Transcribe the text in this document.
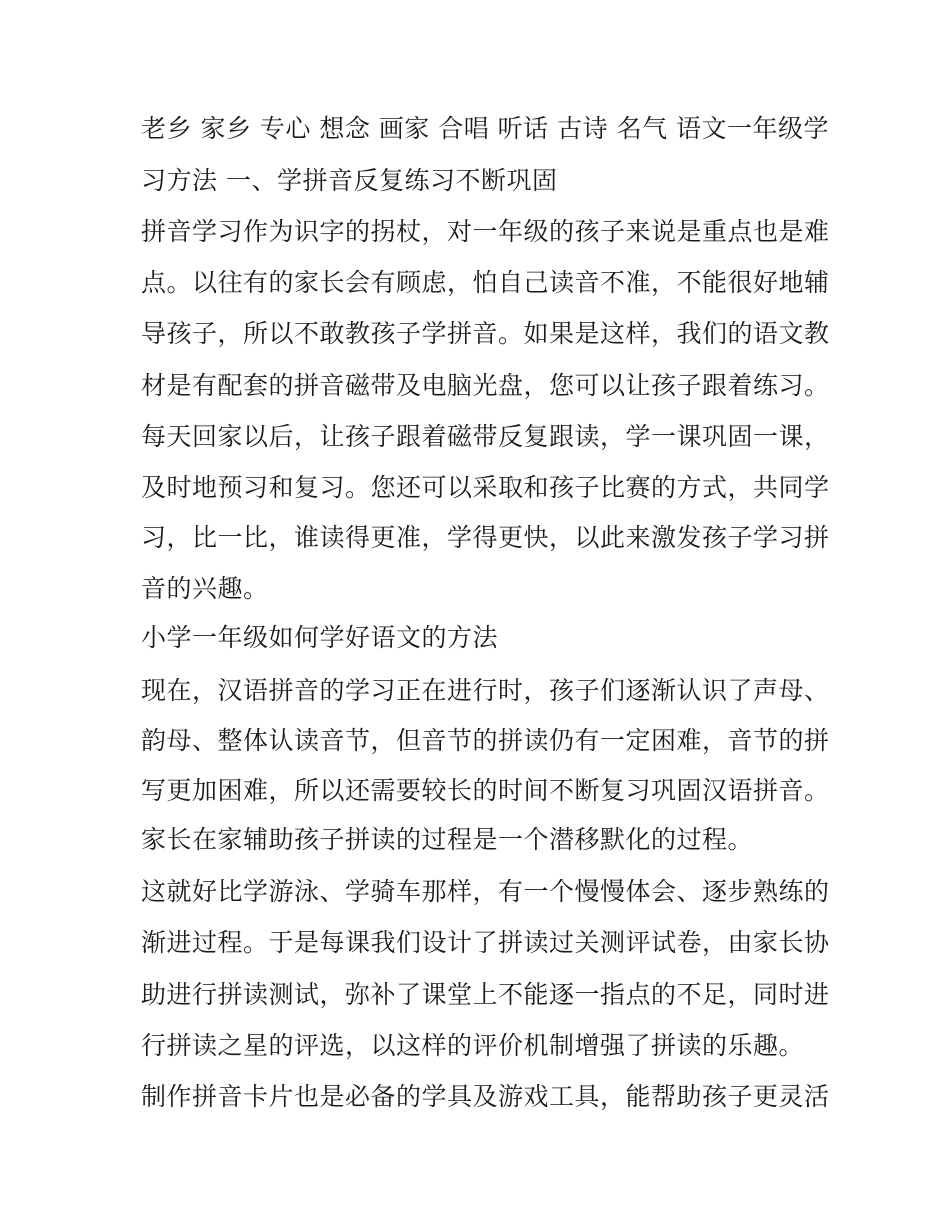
老乡 家乡 专心 想念 画家 合唱 听话 古诗 名气 语文一年级学
习方法 一、学拼音反复练习不断巩固
拼音学习作为识字的拐杖，对一年级的孩子来说是重点也是难
点。以往有的家长会有顾虑，怕自己读音不准，不能很好地辅
导孩子，所以不敢教孩子学拼音。如果是这样，我们的语文教
材是有配套的拼音磁带及电脑光盘，您可以让孩子跟着练习。
每天回家以后，让孩子跟着磁带反复跟读，学一课巩固一课，
及时地预习和复习。您还可以采取和孩子比赛的方式，共同学
习，比一比，谁读得更准，学得更快，以此来激发孩子学习拼
音的兴趣。
小学一年级如何学好语文的方法
现在，汉语拼音的学习正在进行时，孩子们逐渐认识了声母、
韵母、整体认读音节，但音节的拼读仍有一定困难，音节的拼
写更加困难，所以还需要较长的时间不断复习巩固汉语拼音。
家长在家辅助孩子拼读的过程是一个潜移默化的过程。
这就好比学游泳、学骑车那样，有一个慢慢体会、逐步熟练的
渐进过程。于是每课我们设计了拼读过关测评试卷，由家长协
助进行拼读测试，弥补了课堂上不能逐一指点的不足，同时进
行拼读之星的评选，以这样的评价机制增强了拼读的乐趣。
制作拼音卡片也是必备的学具及游戏工具，能帮助孩子更灵活
